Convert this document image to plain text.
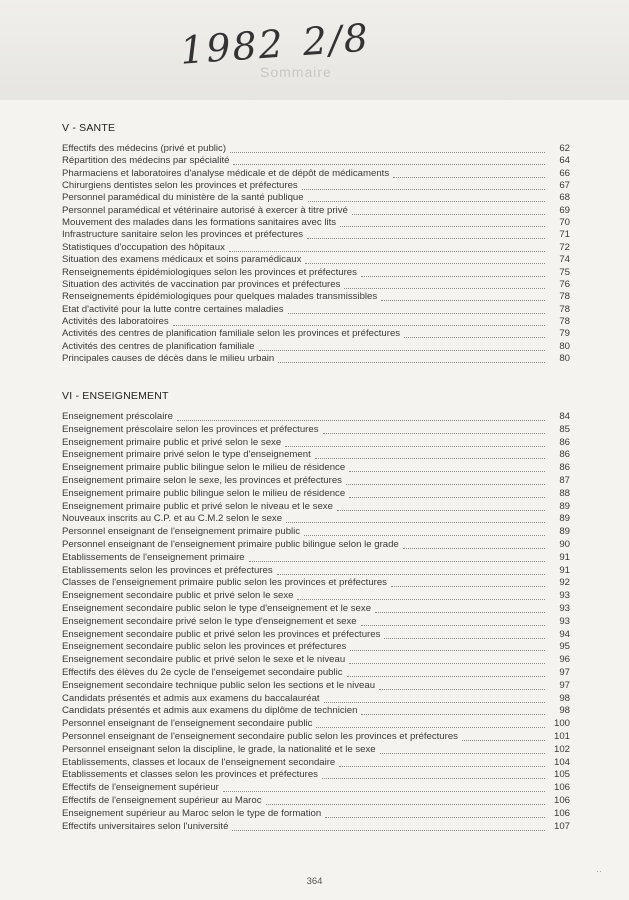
1982 2/8
Sommaire
V - SANTE
Effectifs des médecins (privé et public)	62
Répartition des médecins par spécialité	64
Pharmaciens et laboratoires d'analyse médicale et de dépôt de médicaments	66
Chirurgiens dentistes selon les provinces et préfectures	67
Personnel paramédical du ministère de la santé publique	68
Personnel paramédical et vétérinaire autorisé à exercer à titre privé	69
Mouvement des malades dans les formations sanitaires avec lits	70
Infrastructure sanitaire selon les provinces et préfectures	71
Statistiques d'occupation des hôpitaux	72
Situation des examens médicaux et soins paramédicaux	74
Renseignements épidémiologiques selon les provinces et préfectures	75
Situation des activités de vaccination par provinces et préfectures	76
Renseignements épidémiologiques pour quelques malades transmissibles	78
Etat d'activité pour la lutte contre certaines maladies	78
Activités des laboratoires	78
Activités des centres de planification familiale selon les provinces et préfectures	79
Activités des centres de planification familiale	80
Principales causes de décès dans le milieu urbain	80
VI - ENSEIGNEMENT
Enseignement préscolaire	84
Enseignement préscolaire selon les provinces et préfectures	85
Enseignement primaire public et privé selon le sexe	86
Enseignement primaire privé selon le type d'enseignement	86
Enseignement primaire public bilingue selon le milieu de résidence	86
Enseignement primaire selon le sexe, les provinces et préfectures	87
Enseignement primaire public bilingue selon le milieu de résidence	88
Enseignement primaire public et privé selon le niveau et le sexe	89
Nouveaux inscrits au C.P. et au C.M.2 selon le sexe	89
Personnel enseignant de l'enseignement primaire public	89
Personnel enseignant de l'enseignement primaire public bilingue selon le grade	90
Etablissements de l'enseignement primaire	91
Etablissements selon les provinces et préfectures	91
Classes de l'enseignement primaire public selon les provinces et préfectures	92
Enseignement secondaire public et privé selon le sexe	93
Enseignement secondaire public selon le type d'enseignement et le sexe	93
Enseignement secondaire privé selon le type d'enseignement et sexe	93
Enseignement secondaire public et privé selon les provinces et préfectures	94
Enseignement secondaire public selon les provinces et préfectures	95
Enseignement secondaire public et privé selon le sexe et le niveau	96
Effectifs des élèves du 2e cycle de l'enseigemet secondaire public	97
Enseignement secondaire technique public selon les sections et le niveau	97
Candidats présentés et admis aux examens du baccalauréat	98
Candidats présentés et admis aux examens du diplôme de technicien	98
Personnel enseignant de l'enseignement secondaire public	100
Personnel enseignant de l'enseignement secondaire public selon les provinces et préfectures	101
Personnel enseignant selon la discipline, le grade, la nationalité et le sexe	102
Etablissements, classes et locaux de l'enseignement secondaire	104
Etablissements et classes selon les provinces et préfectures	105
Effectifs de l'enseignement supérieur	106
Effectifs de l'enseignement supérieur au Maroc	106
Enseignement supérieur au Maroc selon le type de formation	106
Effectifs universitaires selon l'université	107
364
··
